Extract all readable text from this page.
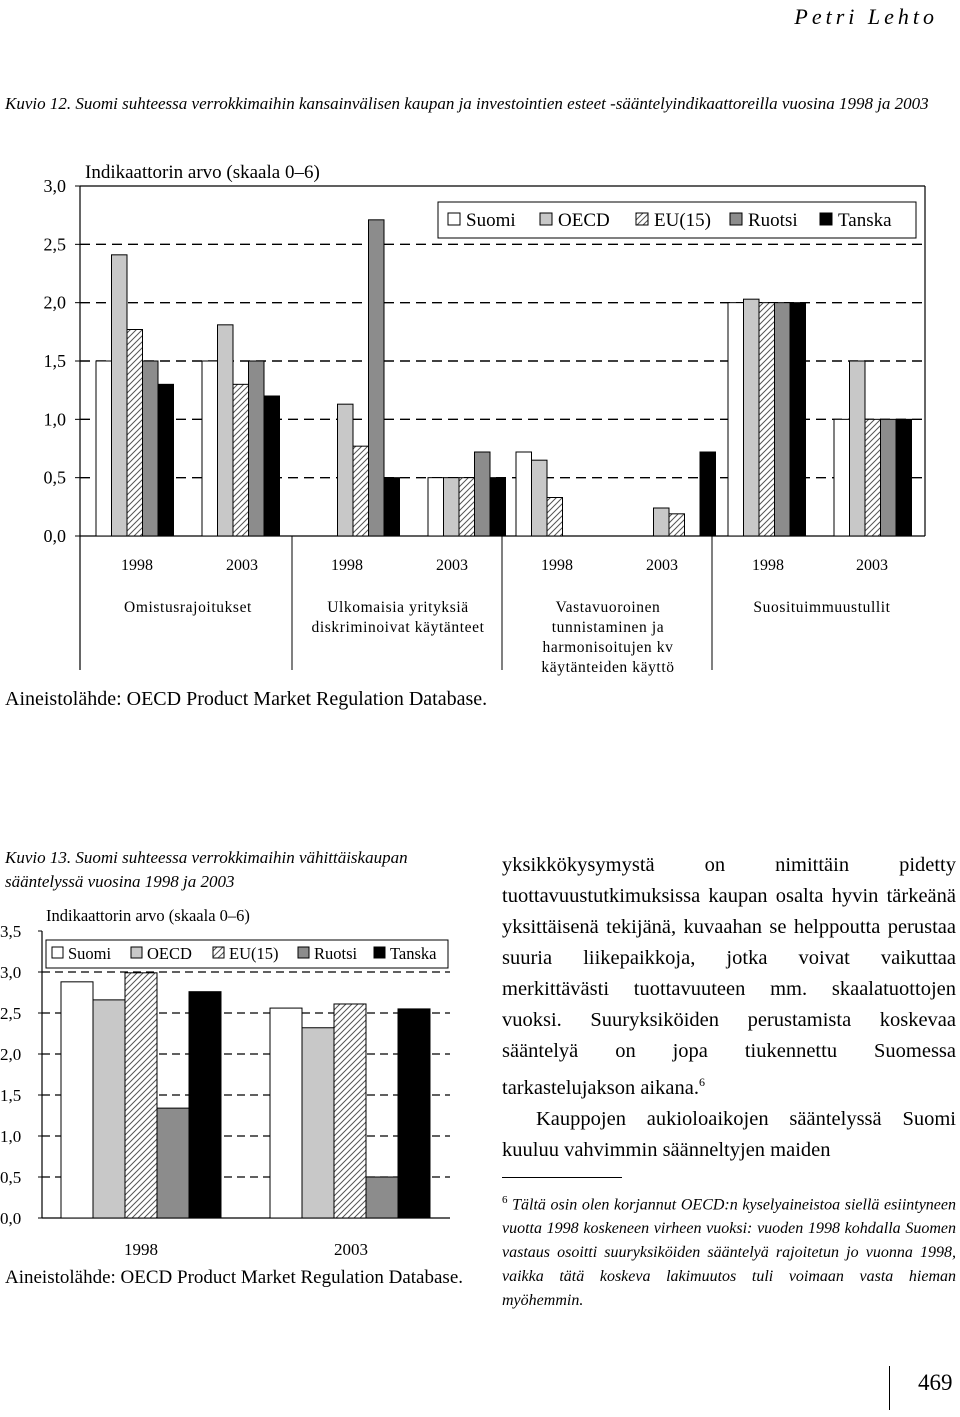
Petri Lehto
Kuvio 12. Suomi suhteessa verrokkimaihin kansainvälisen kaupan ja investointien esteet -sääntelyindikaattoreilla vuosina 1998 ja 2003
0,0
0,5
1,0
1,5
2,0
2,5
3,0
Indikaattorin arvo (skaala 0–6)
Suomi OECD EU(15) Ruotsi Tanska
1998	2003	1998	2003	1998	2003	1998	2003
Omistusrajoitukset	Ulkomaisia yrityksiä
diskriminoivat käytänteet
Vastavuoroinen
tunnistaminen ja
harmonisoitujen kv
käytänteiden käyttö
Suosituimmuustullit
Aineistolähde: OECD Product Market Regulation Database.
Kuvio 13. Suomi suhteessa verrokkimaihin vähittäiskaupan sääntelyssä vuosina 1998 ja 2003
0,0
0,5
1,0
1,5
2,0
2,5
3,0
3,5
Indikaattorin arvo (skaala 0–6)
Suomi OECD EU(15) Ruotsi Tanska
1998	2003
Aineistolähde: OECD Product Market Regulation Database.

yksikkökysymystä on nimittäin pidetty tuottavuustutkimuksissa kaupan osalta hyvin tärkeänä yksittäisenä tekijänä, kuvaahan se helppoutta perustaa suuria liikepaikkoja, jotka voivat vaikuttaa merkittävästi tuottavuuteen mm. skaalatuottojen vuoksi. Suuryksiköiden perustamista koskevaa sääntelyä on jopa tiukennettu Suomessa tarkastelujakson aikana.$^6$

Kauppojen aukioloaikojen sääntelyssä Suomi kuuluu vahvimmin säänneltyjen maiden

$^6$ Tältä osin olen korjannut OECD:n kyselyaineistoa siellä esiintyneen vuotta 1998 koskeneen virheen vuoksi: vuoden 1998 kohdalla Suomen vastaus osoitti suuryksiköiden sääntelyä rajoitetun jo vuonna 1998, vaikka tätä koskeva lakimuutos tuli voimaan vasta hieman myöhemmin.
469
